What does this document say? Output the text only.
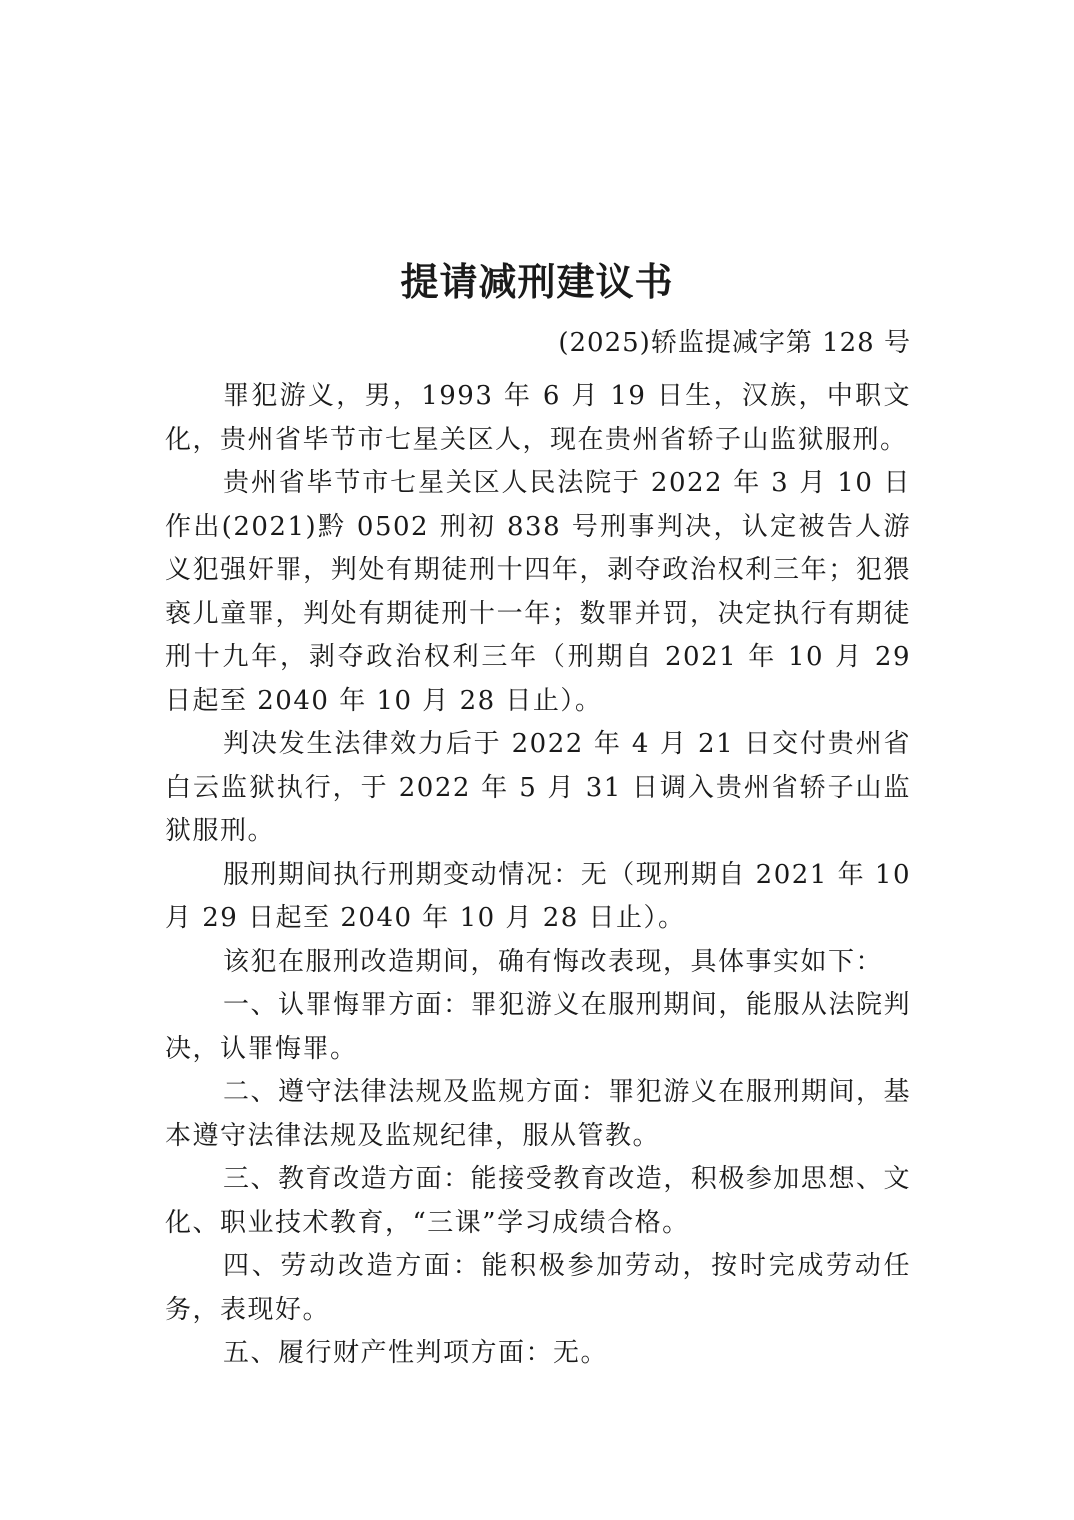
提请减刑建议书

(2025)轿监提减字第 128 号

罪犯游义，男，1993 年 6 月 19 日生，汉族，中职文化，贵州省毕节市七星关区人，现在贵州省轿子山监狱服刑。

贵州省毕节市七星关区人民法院于 2022 年 3 月 10 日作出(2021)黔 0502 刑初 838 号刑事判决，认定被告人游义犯强奸罪，判处有期徒刑十四年，剥夺政治权利三年；犯猥亵儿童罪，判处有期徒刑十一年；数罪并罚，决定执行有期徒刑十九年，剥夺政治权利三年（刑期自 2021 年 10 月 29 日起至 2040 年 10 月 28 日止）。

判决发生法律效力后于 2022 年 4 月 21 日交付贵州省白云监狱执行，于 2022 年 5 月 31 日调入贵州省轿子山监狱服刑。

服刑期间执行刑期变动情况：无（现刑期自 2021 年 10 月 29 日起至 2040 年 10 月 28 日止）。

该犯在服刑改造期间，确有悔改表现，具体事实如下：

一、认罪悔罪方面：罪犯游义在服刑期间，能服从法院判决，认罪悔罪。

二、遵守法律法规及监规方面：罪犯游义在服刑期间，基本遵守法律法规及监规纪律，服从管教。

三、教育改造方面：能接受教育改造，积极参加思想、文化、职业技术教育，“三课”学习成绩合格。

四、劳动改造方面：能积极参加劳动，按时完成劳动任务，表现好。

五、履行财产性判项方面：无。
